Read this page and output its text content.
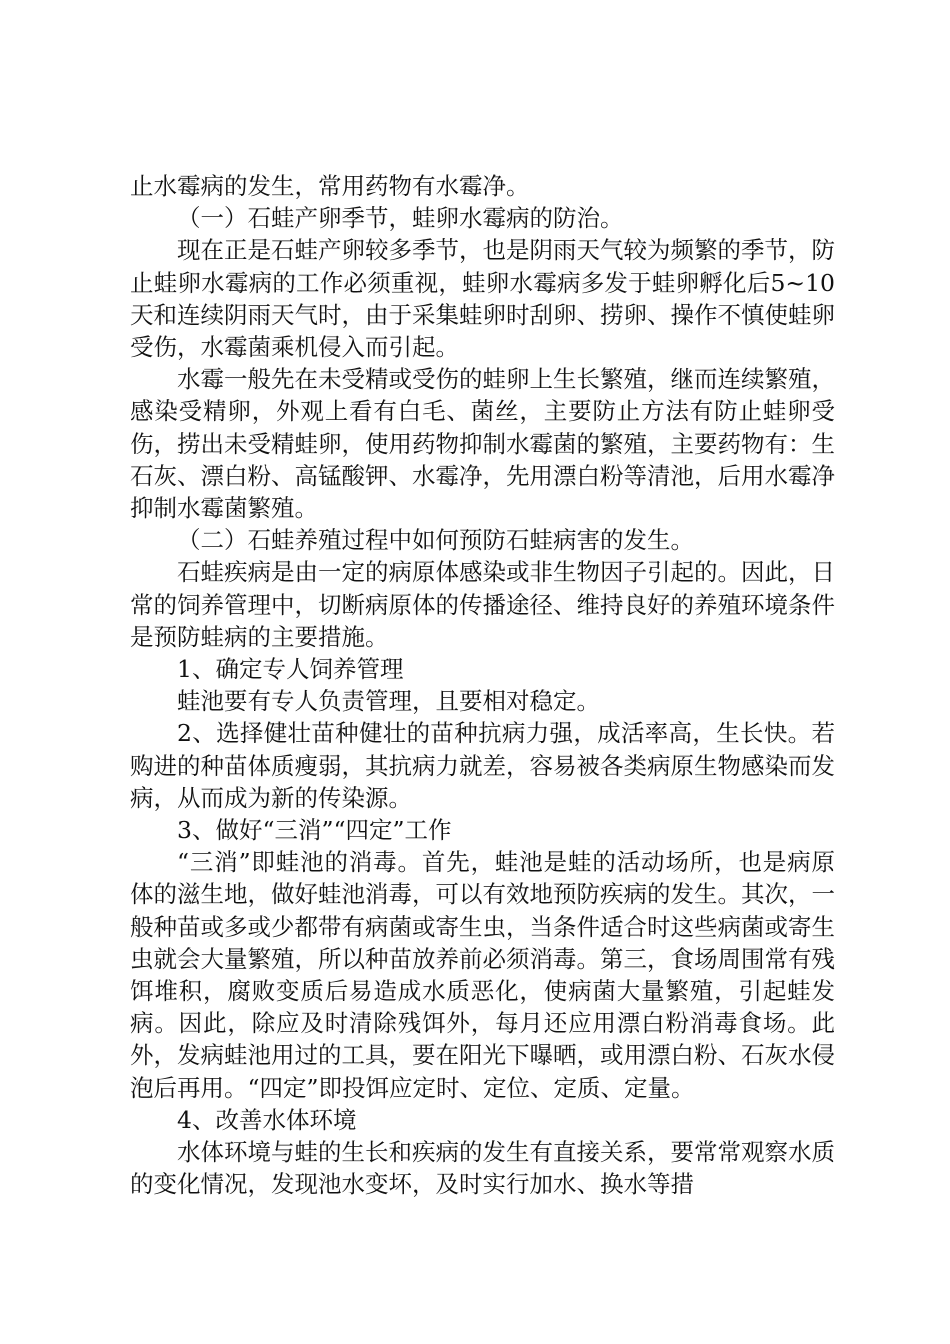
止水霉病的发生，常用药物有水霉净。

（一）石蛙产卵季节，蛙卵水霉病的防治。

现在正是石蛙产卵较多季节，也是阴雨天气较为频繁的季节，防止蛙卵水霉病的工作必须重视，蛙卵水霉病多发于蛙卵孵化后5~10天和连续阴雨天气时，由于采集蛙卵时刮卵、捞卵、操作不慎使蛙卵受伤，水霉菌乘机侵入而引起。

水霉一般先在未受精或受伤的蛙卵上生长繁殖，继而连续繁殖，感染受精卵，外观上看有白毛、菌丝，主要防止方法有防止蛙卵受伤，捞出未受精蛙卵，使用药物抑制水霉菌的繁殖，主要药物有：生石灰、漂白粉、高锰酸钾、水霉净，先用漂白粉等清池，后用水霉净抑制水霉菌繁殖。

（二）石蛙养殖过程中如何预防石蛙病害的发生。

石蛙疾病是由一定的病原体感染或非生物因子引起的。因此，日常的饲养管理中，切断病原体的传播途径、维持良好的养殖环境条件是预防蛙病的主要措施。

1、确定专人饲养管理

蛙池要有专人负责管理，且要相对稳定。

2、选择健壮苗种健壮的苗种抗病力强，成活率高，生长快。若购进的种苗体质瘦弱，其抗病力就差，容易被各类病原生物感染而发病，从而成为新的传染源。

3、做好“三消”“四定”工作

“三消”即蛙池的消毒。首先，蛙池是蛙的活动场所，也是病原体的滋生地，做好蛙池消毒，可以有效地预防疾病的发生。其次，一般种苗或多或少都带有病菌或寄生虫，当条件适合时这些病菌或寄生虫就会大量繁殖，所以种苗放养前必须消毒。第三，食场周围常有残饵堆积，腐败变质后易造成水质恶化，使病菌大量繁殖，引起蛙发病。因此，除应及时清除残饵外，每月还应用漂白粉消毒食场。此外，发病蛙池用过的工具，要在阳光下曝晒，或用漂白粉、石灰水侵泡后再用。“四定”即投饵应定时、定位、定质、定量。

4、改善水体环境

水体环境与蛙的生长和疾病的发生有直接关系，要常常观察水质的变化情况，发现池水变坏，及时实行加水、换水等措
